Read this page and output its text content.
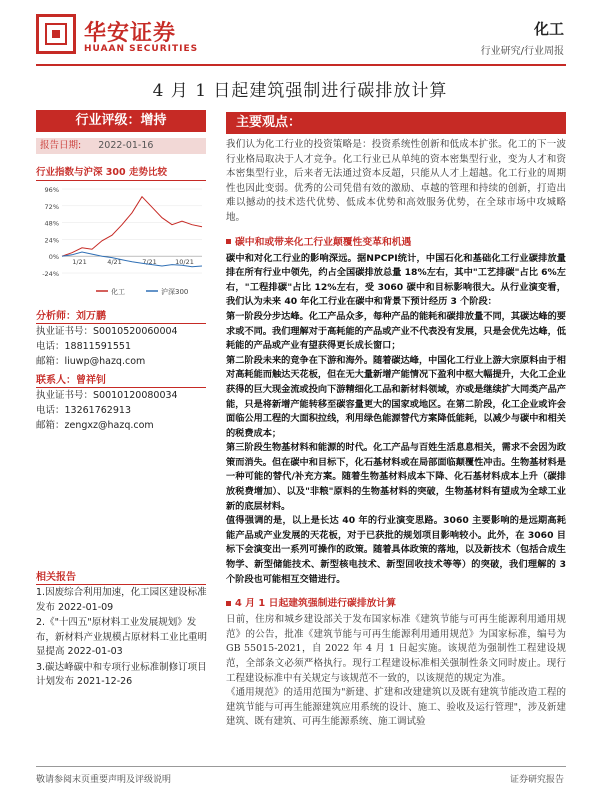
华安证券
HUAAN SECURITIES
化工
行业研究/行业周报
4 月 1 日起建筑强制进行碳排放计算
行业评级：增持
报告日期: 2022-01-16
行业指数与沪深 300 走势比较
96%
72%
48%
24%
0%
-24%
1/21	4/21	7/21	10/21
化工	沪深300
分析师：刘万鹏
执业证书号：S0010520060004
电话：18811591551
邮箱：liuwp@hazq.com
联系人：曾祥钊
执业证书号：S0010120080034
电话：13261762913
邮箱：zengxz@hazq.com
相关报告
1.因废综合利用加速，化工园区建设标准发布 2022-01-09
2.《"十四五"原材料工业发展规划》发布，新材料产业规模占原材料工业比重明显提高 2022-01-03
3.碳达峰碳中和专项行业标准制修订项目计划发布 2021-12-26
主要观点：
我们认为化工行业的投资策略是：投资系统性创新和低成本扩张。化工的下一波行业格局取决于人才竞争。化工行业已从单纯的资本密集型行业，变为人才和资本密集型行业，后来者无法通过资本反超，只能从人才上超越。化工行业的周期性也因此变弱。优秀的公司凭借有效的激励、卓越的管理和持续的创新，打造出难以撼动的技术迭代优势、低成本优势和高效服务优势，在全球市场中攻城略地。
碳中和或带来化工行业颠覆性变革和机遇
碳中和对化工行业的影响深远。据NPCPI统计，中国石化和基础化工行业碳排放量排在所有行业中领先，约占全国碳排放总量 18%左右，其中"工艺排碳"占比 6%左右，"工程排碳"占比 12%左右，受 3060 碳中和目标影响很大。从行业演变看，我们认为未来 40 年化工行业在碳中和背景下预计经历 3 个阶段：
第一阶段分步达峰。化工产品众多，每种产品的能耗和碳排放量不同，其碳达峰的要求或不同。我们理解对于高耗能的产品或产业不代表没有发展，只是会优先达峰，低耗能的产品或产业有望获得更长成长窗口；
第二阶段未来的竞争在下游和海外。随着碳达峰，中国化工行业上游大宗原料由于相对高耗能而触达天花板，但在无大量新增产能情况下盈利中枢大幅提升，大化工企业获得的巨大现金流或投向下游精细化工品和新材料领域，亦或是继续扩大同类产品产能，只是将新增产能转移至碳容量更大的国家或地区。在第二阶段，化工企业或许会面临公用工程的大面积拉线，利用绿色能源替代方案降低能耗，以减少与碳中和相关的税费成本；
第三阶段生物基材料和能源的时代。化工产品与百姓生活息息相关，需求不会因为政策而消失。但在碳中和目标下，化石基材料或在局部面临颠覆性冲击。生物基材料是一种可能的替代/补充方案。随着生物基材料成本下降、化石基材料成本上升（碳排放税费增加）、以及"非粮"原料的生物基材料的突破，生物基材料有望成为全球工业新的底层材料。
值得强调的是，以上是长达 40 年的行业演变思路。3060 主要影响的是远期高耗能产品或产业发展的天花板，对于已获批的规划项目影响较小。此外，在 3060 目标下会演变出一系列可操作的政策。随着具体政策的落地，以及新技术（包括合成生物学、新型储能技术、新型核电技术、新型回收技术等等）的突破，我们理解的 3 个阶段也可能相互交错进行。
4 月 1 日起建筑强制进行碳排放计算
日前，住房和城乡建设部关于发布国家标准《建筑节能与可再生能源利用通用规范》的公告，批准《建筑节能与可再生能源利用通用规范》为国家标准，编号为 GB 55015-2021，自 2022 年 4 月 1 日起实施。该规范为强制性工程建设规范，全部条文必须严格执行。现行工程建设标准相关强制性条文同时废止。现行工程建设标准中有关规定与该规范不一致的，以该规范的规定为准。
《通用规范》的适用范围为"新建、扩建和改建建筑以及既有建筑节能改造工程的建筑节能与可再生能源建筑应用系统的设计、施工、验收及运行管理"，涉及新建建筑、既有建筑、可再生能源系统、施工调试验
敬请参阅末页重要声明及评级说明	证券研究报告
